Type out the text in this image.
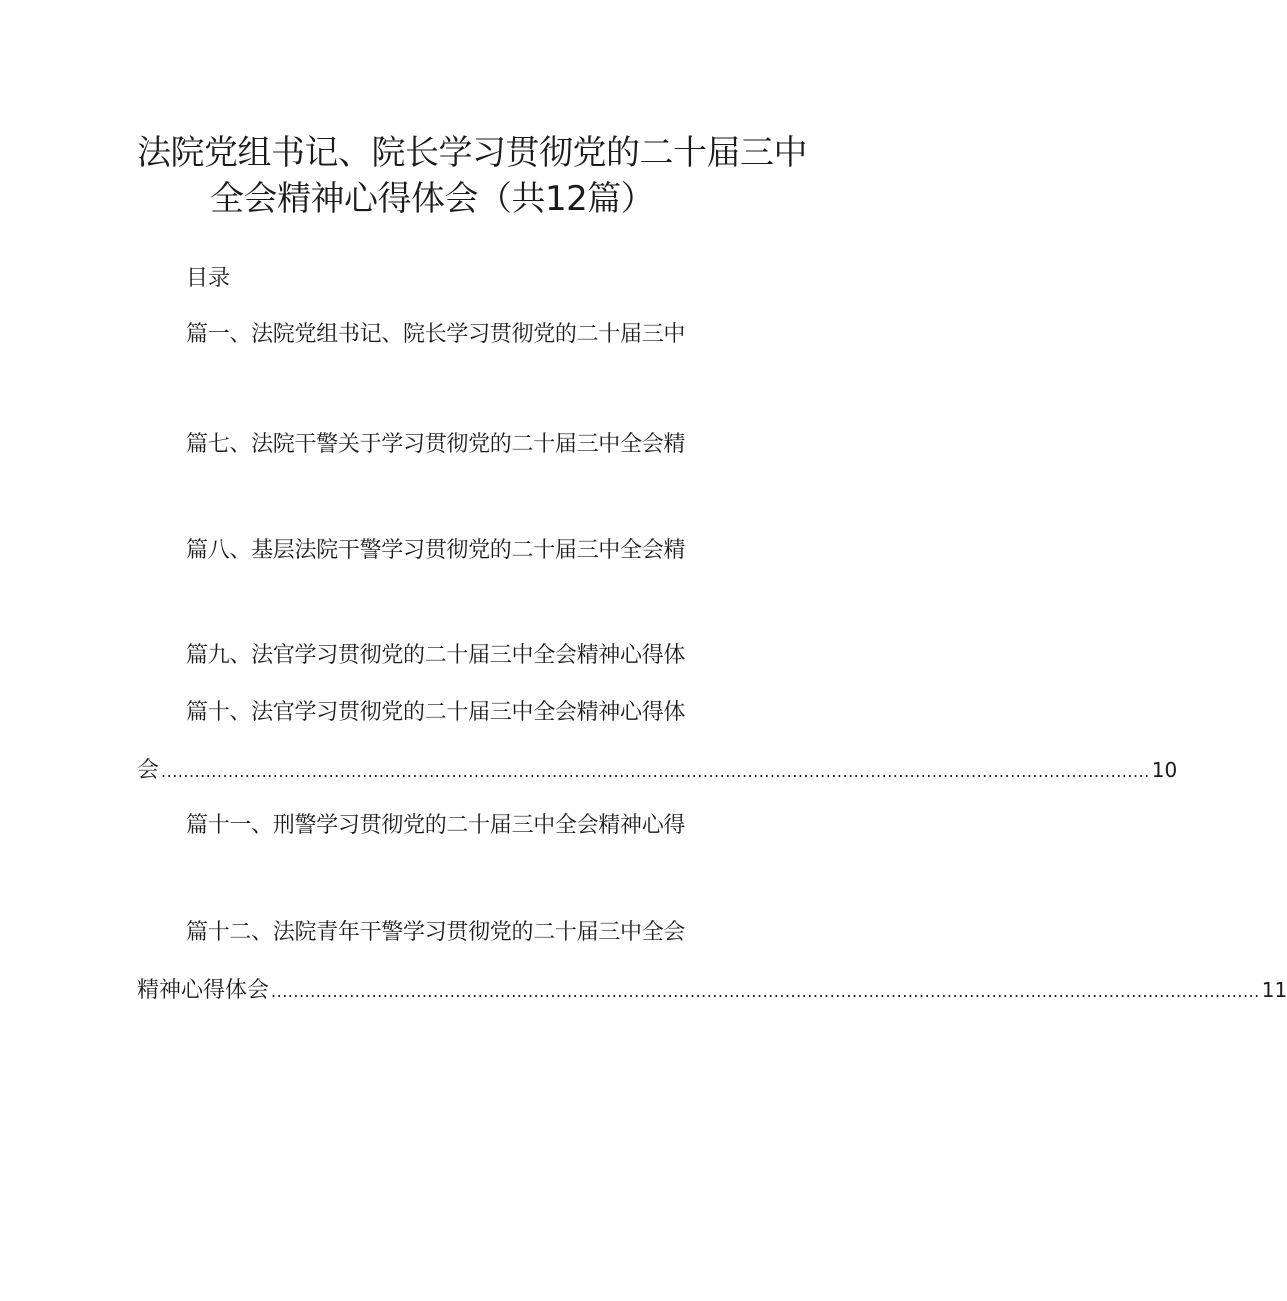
法院党组书记、院长学习贯彻党的二十届三中
全会精神心得体会（共12篇）
目录
篇一、法院党组书记、院长学习贯彻党的二十届三中
篇七、法院干警关于学习贯彻党的二十届三中全会精
篇八、基层法院干警学习贯彻党的二十届三中全会精
篇九、法官学习贯彻党的二十届三中全会精神心得体
篇十、法官学习贯彻党的二十届三中全会精神心得体
会 ................................................................................................................................................................................. 10
篇十一、刑警学习贯彻党的二十届三中全会精神心得
篇十二、法院青年干警学习贯彻党的二十届三中全会
精神心得体会 ................................................................................................................................................................................. 11
